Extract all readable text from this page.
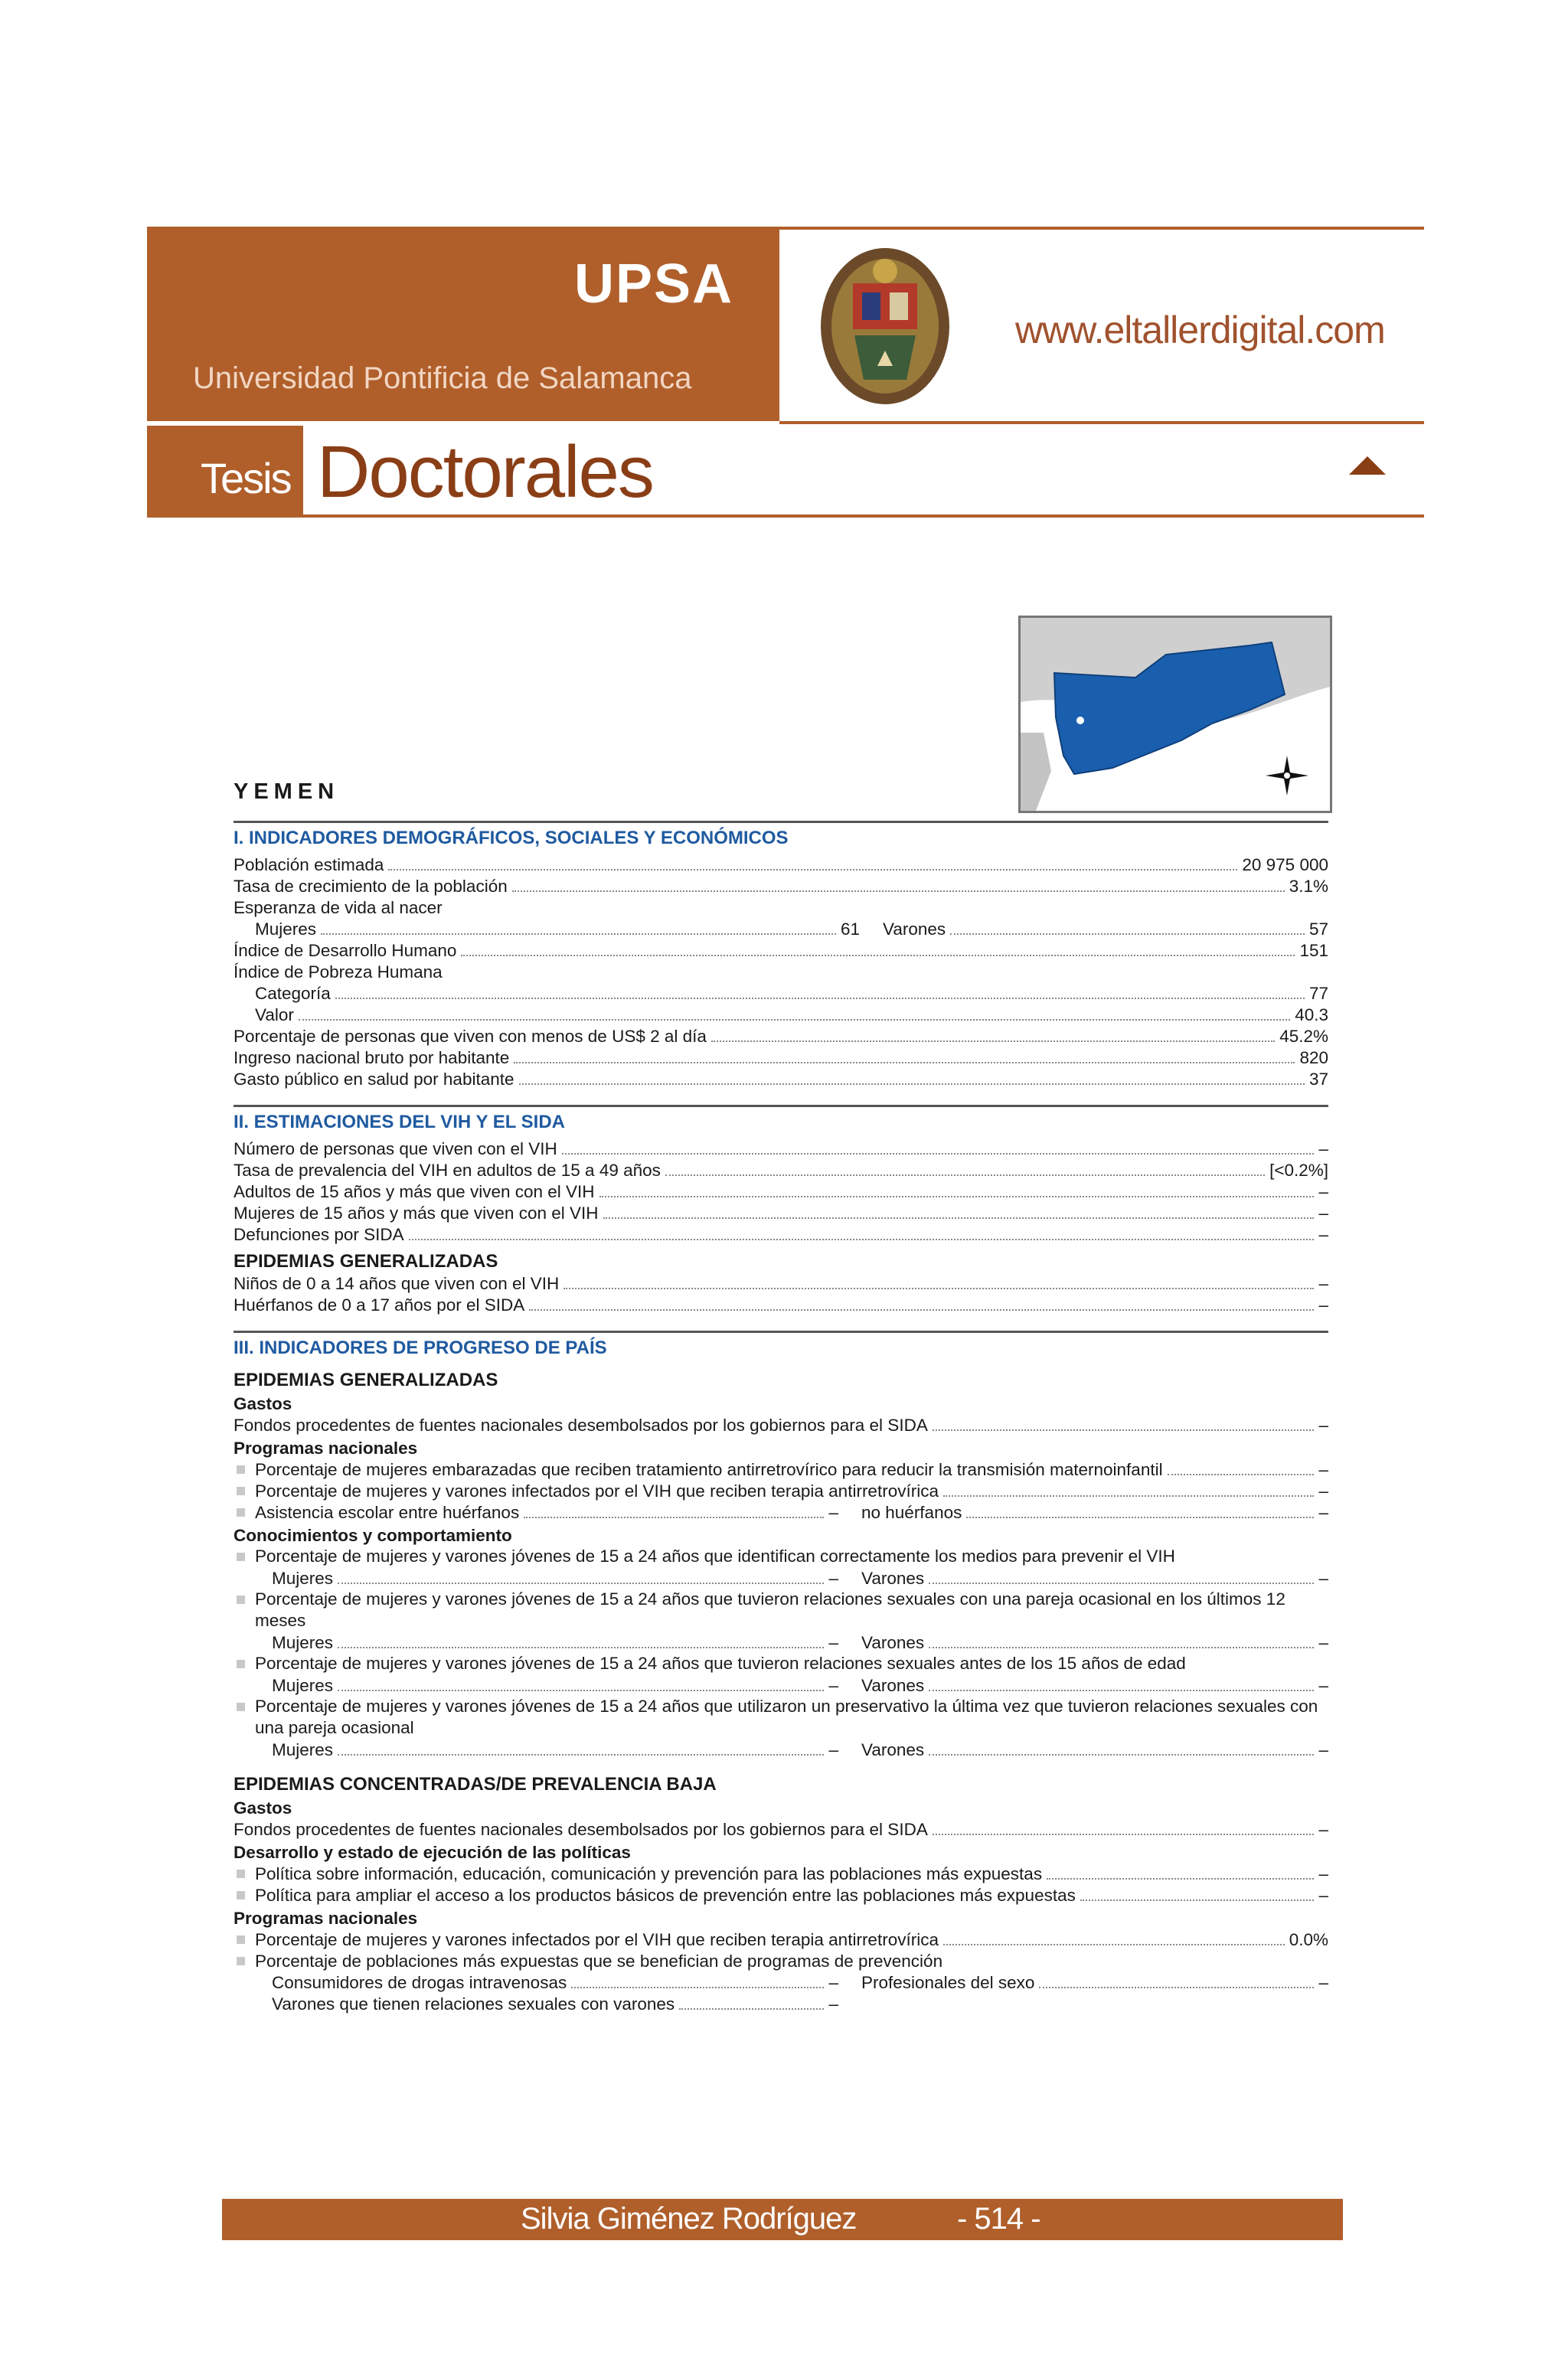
UPSA
Universidad Pontificia de Salamanca
www.eltallerdigital.com
Tesis Doctorales
YEMEN
I. INDICADORES DEMOGRÁFICOS, SOCIALES Y ECONÓMICOS
Población estimada	20 975 000
Tasa de crecimiento de la población	3.1%
Esperanza de vida al nacer
Mujeres	61 Varones	57
Índice de Desarrollo Humano	151
Índice de Pobreza Humana
Categoría	77
Valor	40.3
Porcentaje de personas que viven con menos de US$ 2 al día	45.2%
Ingreso nacional bruto por habitante	820
Gasto público en salud por habitante	37
II. ESTIMACIONES DEL VIH Y EL SIDA
Número de personas que viven con el VIH	–
Tasa de prevalencia del VIH en adultos de 15 a 49 años	[<0.2%]
Adultos de 15 años y más que viven con el VIH	–
Mujeres de 15 años y más que viven con el VIH	–
Defunciones por SIDA	–
EPIDEMIAS GENERALIZADAS
Niños de 0 a 14 años que viven con el VIH	–
Huérfanos de 0 a 17 años por el SIDA	–
III. INDICADORES DE PROGRESO DE PAÍS
EPIDEMIAS GENERALIZADAS
Gastos
Fondos procedentes de fuentes nacionales desembolsados por los gobiernos para el SIDA	–
Programas nacionales
Porcentaje de mujeres embarazadas que reciben tratamiento antirretrovírico para reducir la transmisión maternoinfantil	–
Porcentaje de mujeres y varones infectados por el VIH que reciben terapia antirretrovírica	–
Asistencia escolar entre huérfanos	– no huérfanos	–
Conocimientos y comportamiento
Porcentaje de mujeres y varones jóvenes de 15 a 24 años que identifican correctamente los medios para prevenir el VIH
Mujeres	– Varones	–
Porcentaje de mujeres y varones jóvenes de 15 a 24 años que tuvieron relaciones sexuales con una pareja ocasional en los últimos 12 meses
Mujeres	– Varones	–
Porcentaje de mujeres y varones jóvenes de 15 a 24 años que tuvieron relaciones sexuales antes de los 15 años de edad
Mujeres	– Varones	–
Porcentaje de mujeres y varones jóvenes de 15 a 24 años que utilizaron un preservativo la última vez que tuvieron relaciones sexuales con una pareja ocasional
Mujeres	– Varones	–
EPIDEMIAS CONCENTRADAS/DE PREVALENCIA BAJA
Gastos
Fondos procedentes de fuentes nacionales desembolsados por los gobiernos para el SIDA	–
Desarrollo y estado de ejecución de las políticas
Política sobre información, educación, comunicación y prevención para las poblaciones más expuestas	–
Política para ampliar el acceso a los productos básicos de prevención entre las poblaciones más expuestas	–
Programas nacionales
Porcentaje de mujeres y varones infectados por el VIH que reciben terapia antirretrovírica	0.0%
Porcentaje de poblaciones más expuestas que se benefician de programas de prevención
Consumidores de drogas intravenosas	– Profesionales del sexo	–
Varones que tienen relaciones sexuales con varones	–
Silvia Giménez Rodríguez	- 514 -
